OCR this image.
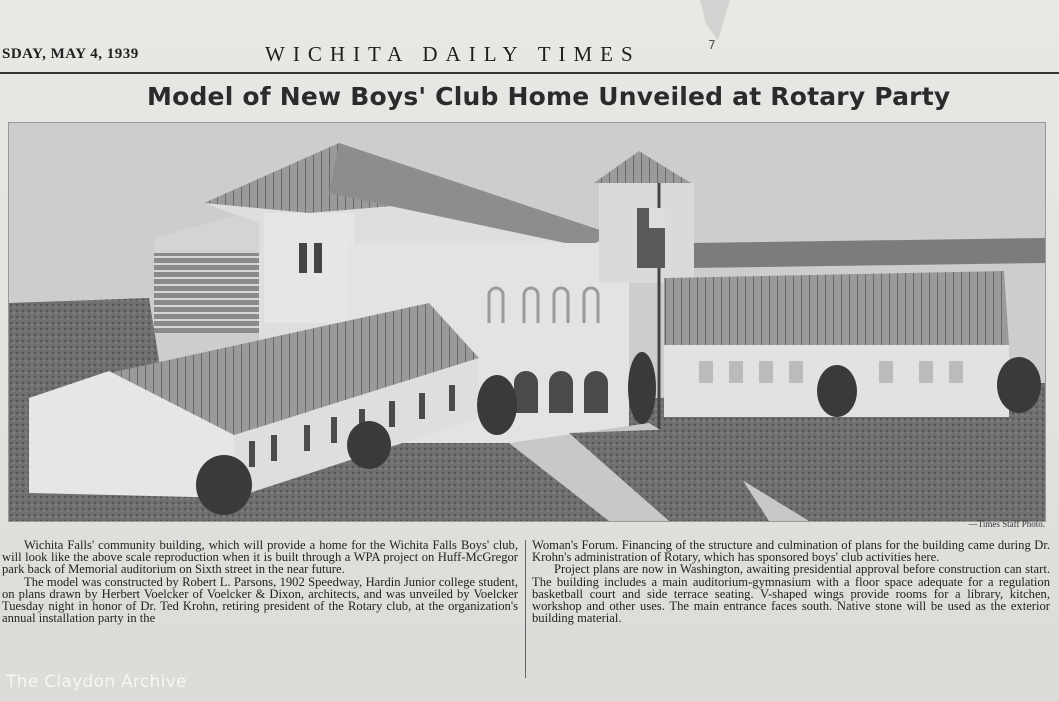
SDAY, MAY 4, 1939	WICHITA DAILY TIMES	7
Model of New Boys' Club Home Unveiled at Rotary Party
—Times Staff Photo.

Wichita Falls' community building, which will provide a home for the Wichita Falls Boys' club, will look like the above scale reproduction when it is built through a WPA project on Huff-McGregor park back of Memorial auditorium on Sixth street in the near future.

The model was constructed by Robert L. Parsons, 1902 Speedway, Hardin Junior college student, on plans drawn by Herbert Voelcker of Voelcker & Dixon, architects, and was unveiled by Voelcker Tuesday night in honor of Dr. Ted Krohn, retiring president of the Rotary club, at the organization's annual installation party in the

Woman's Forum. Financing of the structure and culmination of plans for the building came during Dr. Krohn's administration of Rotary, which has sponsored boys' club activities here.

Project plans are now in Washington, awaiting presidential approval before construction can start. The building includes a main auditorium-gymnasium with a floor space adequate for a regulation basketball court and side terrace seating. V-shaped wings provide rooms for a library, kitchen, workshop and other uses. The main entrance faces south. Native stone will be used as the exterior building material.

The Claydon Archive
